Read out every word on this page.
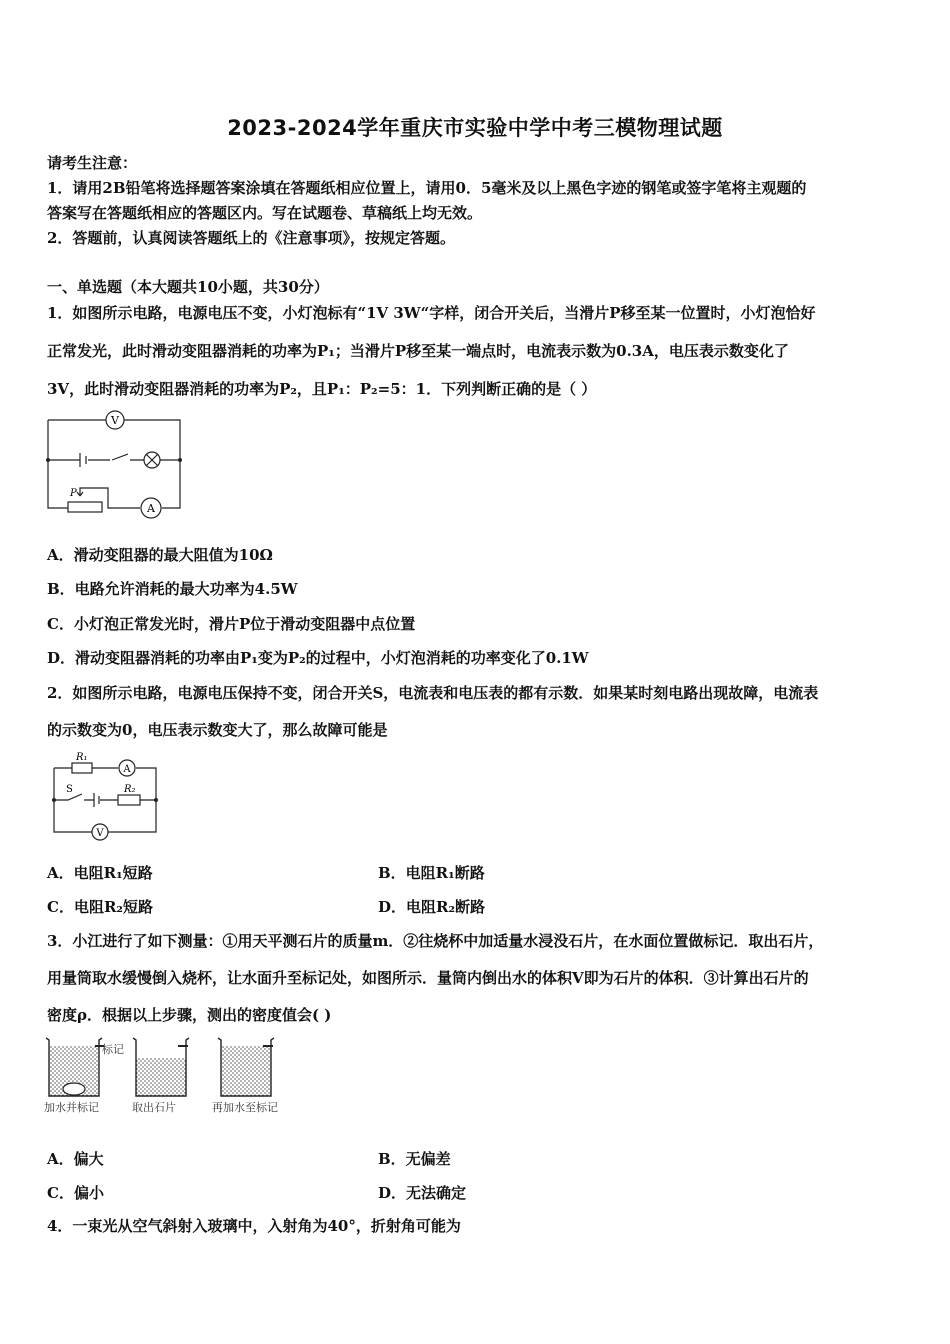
2023-2024学年重庆市实验中学中考三模物理试题
请考生注意：
1．请用2B铅笔将选择题答案涂填在答题纸相应位置上，请用0．5毫米及以上黑色字迹的钢笔或签字笔将主观题的
答案写在答题纸相应的答题区内。写在试题卷、草稿纸上均无效。
2．答题前，认真阅读答题纸上的《注意事项》，按规定答题。
一、单选题（本大题共10小题，共30分）
1．如图所示电路，电源电压不变，小灯泡标有“1V 3W“字样，闭合开关后，当滑片P移至某一位置时，小灯泡恰好
正常发光，此时滑动变阻器消耗的功率为P₁；当滑片P移至某一端点时，电流表示数为0.3A，电压表示数变化了
3V，此时滑动变阻器消耗的功率为P₂，且P₁：P₂=5：1．下列判断正确的是（ ）
V
A
P
A．滑动变阻器的最大阻值为10Ω
B．电路允许消耗的最大功率为4.5W
C．小灯泡正常发光时，滑片P位于滑动变阻器中点位置
D．滑动变阻器消耗的功率由P₁变为P₂的过程中，小灯泡消耗的功率变化了0.1W
2．如图所示电路，电源电压保持不变，闭合开关S，电流表和电压表的都有示数．如果某时刻电路出现故障，电流表
的示数变为0，电压表示数变大了，那么故障可能是
R₁
R₂
S
A
V
A．电阻R₁短路	B．电阻R₁断路
C．电阻R₂短路	D．电阻R₂断路
3．小江进行了如下测量：①用天平测石片的质量m．②往烧杯中加适量水浸没石片，在水面位置做标记．取出石片，
用量筒取水缓慢倒入烧杯，让水面升至标记处，如图所示．量筒内倒出水的体积V即为石片的体积．③计算出石片的
密度ρ．根据以上步骤，测出的密度值会( )
标记
加水并标记	取出石片	再加水至标记
A．偏大	B．无偏差
C．偏小	D．无法确定
4．一束光从空气斜射入玻璃中，入射角为40°，折射角可能为
